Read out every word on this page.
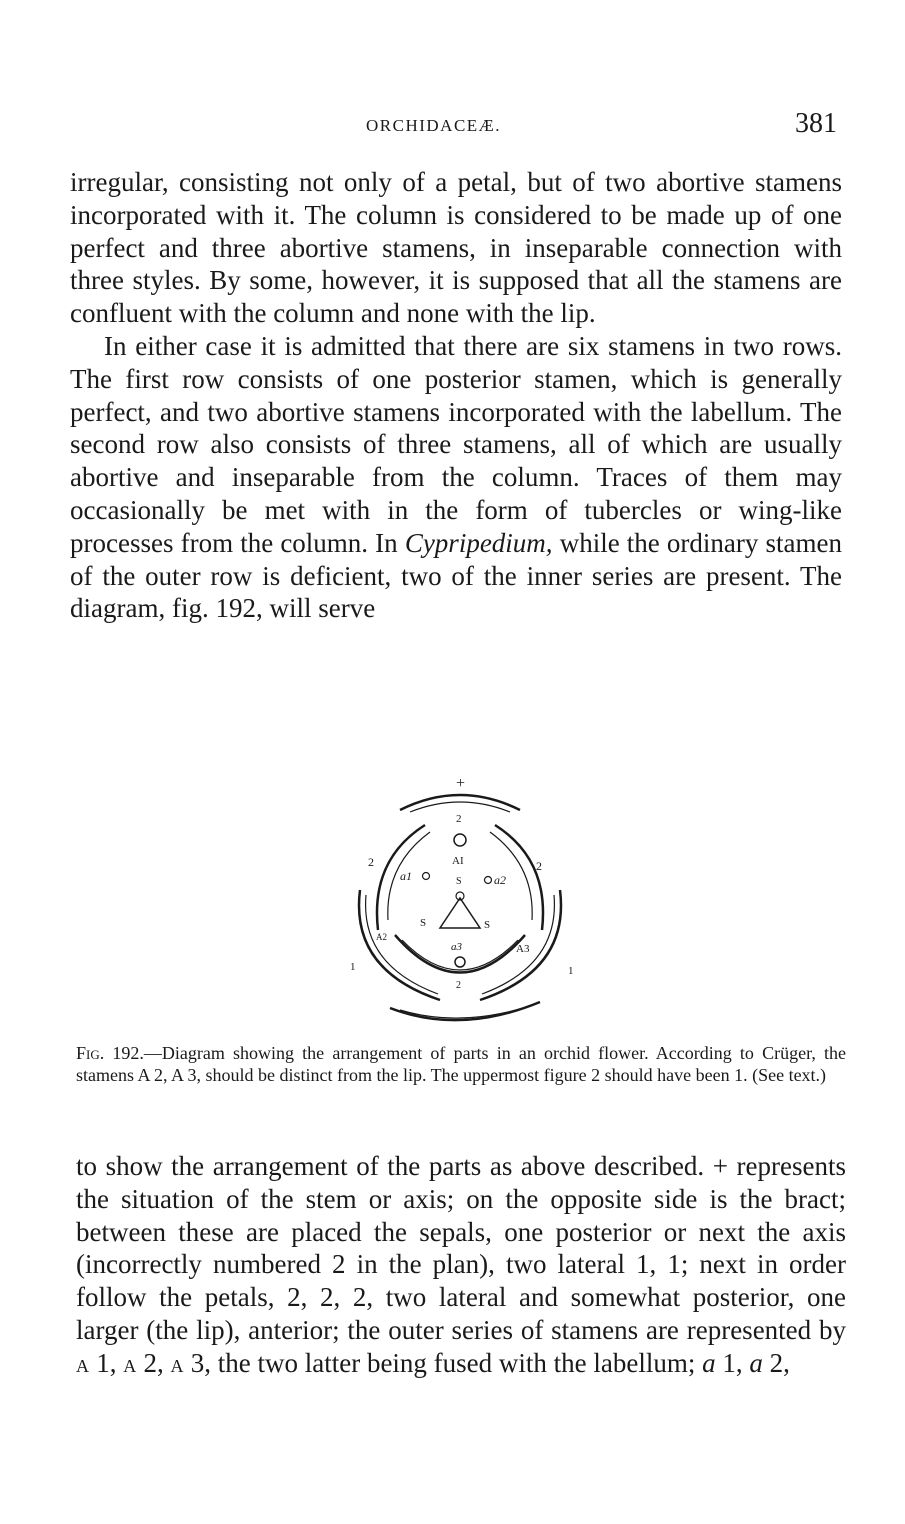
ORCHIDACEÆ.	381

irregular, consisting not only of a petal, but of two abortive stamens incorporated with it. The column is considered to be made up of one perfect and three abortive stamens, in inseparable connection with three styles. By some, however, it is supposed that all the stamens are confluent with the column and none with the lip.

In either case it is admitted that there are six stamens in two rows. The first row consists of one posterior stamen, which is generally perfect, and two abortive stamens incorporated with the labellum. The second row also consists of three stamens, all of which are usually abortive and inseparable from the column. Traces of them may occasionally be met with in the form of tubercles or wing-like processes from the column. In Cypripedium, while the ordinary stamen of the outer row is deficient, two of the inner series are present. The diagram, fig. 192, will serve

+
2
AI
2	2
a1	a2
S
S	S
A2
A3
a3
2
1	1
Fig. 192.—Diagram showing the arrangement of parts in an orchid flower. According to Crüger, the stamens A 2, A 3, should be distinct from the lip. The uppermost figure 2 should have been 1. (See text.)

to show the arrangement of the parts as above described. + represents the situation of the stem or axis; on the opposite side is the bract; between these are placed the sepals, one posterior or next the axis (incorrectly numbered 2 in the plan), two lateral 1, 1; next in order follow the petals, 2, 2, 2, two lateral and somewhat posterior, one larger (the lip), anterior; the outer series of stamens are represented by A 1, A 2, A 3, the two latter being fused with the labellum; a 1, a 2,
